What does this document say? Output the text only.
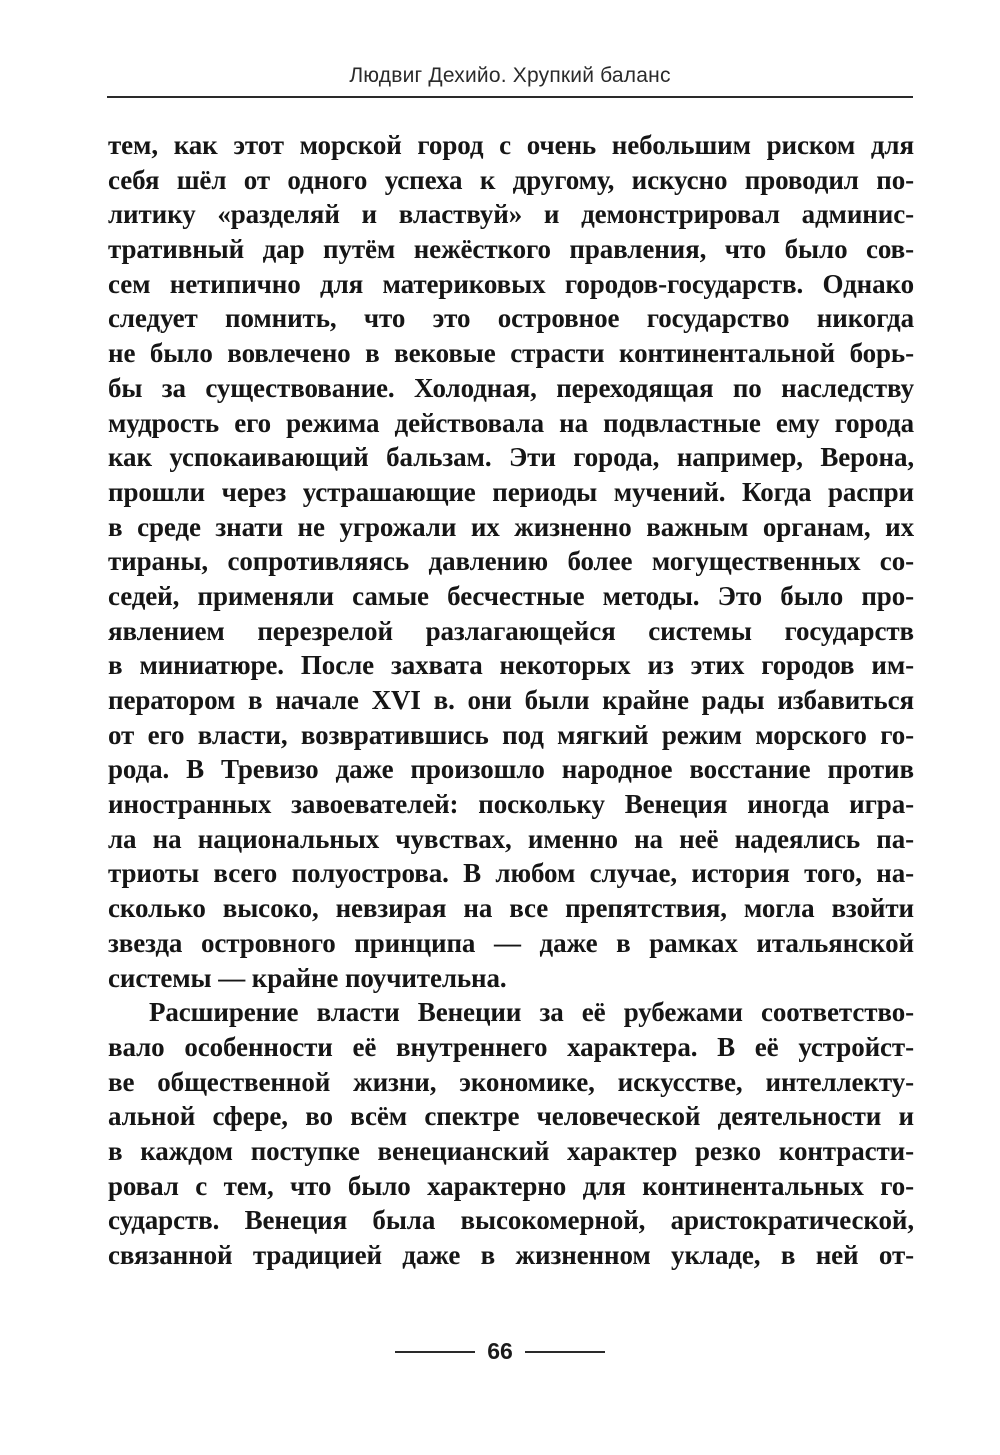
Людвиг Дехийо. Хрупкий баланс
тем, как этот морской город с очень небольшим риском для
себя шёл от одного успеха к другому, искусно проводил по-
литику «разделяй и властвуй» и демонстрировал админис-
тративный дар путём нежёсткого правления, что было сов-
сем нетипично для материковых городов-государств. Однако
следует помнить, что это островное государство никогда
не было вовлечено в вековые страсти континентальной борь-
бы за существование. Холодная, переходящая по наследству
мудрость его режима действовала на подвластные ему города
как успокаивающий бальзам. Эти города, например, Верона,
прошли через устрашающие периоды мучений. Когда распри
в среде знати не угрожали их жизненно важным органам, их
тираны, сопротивляясь давлению более могущественных со-
седей, применяли самые бесчестные методы. Это было про-
явлением перезрелой разлагающейся системы государств
в миниатюре. После захвата некоторых из этих городов им-
ператором в начале XVI в. они были крайне рады избавиться
от его власти, возвратившись под мягкий режим морского го-
рода. В Тревизо даже произошло народное восстание против
иностранных завоевателей: поскольку Венеция иногда игра-
ла на национальных чувствах, именно на неё надеялись па-
триоты всего полуострова. В любом случае, история того, на-
сколько высоко, невзирая на все препятствия, могла взойти
звезда островного принципа — даже в рамках итальянской
системы — крайне поучительна.
Расширение власти Венеции за её рубежами соответство-
вало особенности её внутреннего характера. В её устройст-
ве общественной жизни, экономике, искусстве, интеллекту-
альной сфере, во всём спектре человеческой деятельности и
в каждом поступке венецианский характер резко контрасти-
ровал с тем, что было характерно для континентальных го-
сударств. Венеция была высокомерной, аристократической,
связанной традицией даже в жизненном укладе, в ней от-
66
